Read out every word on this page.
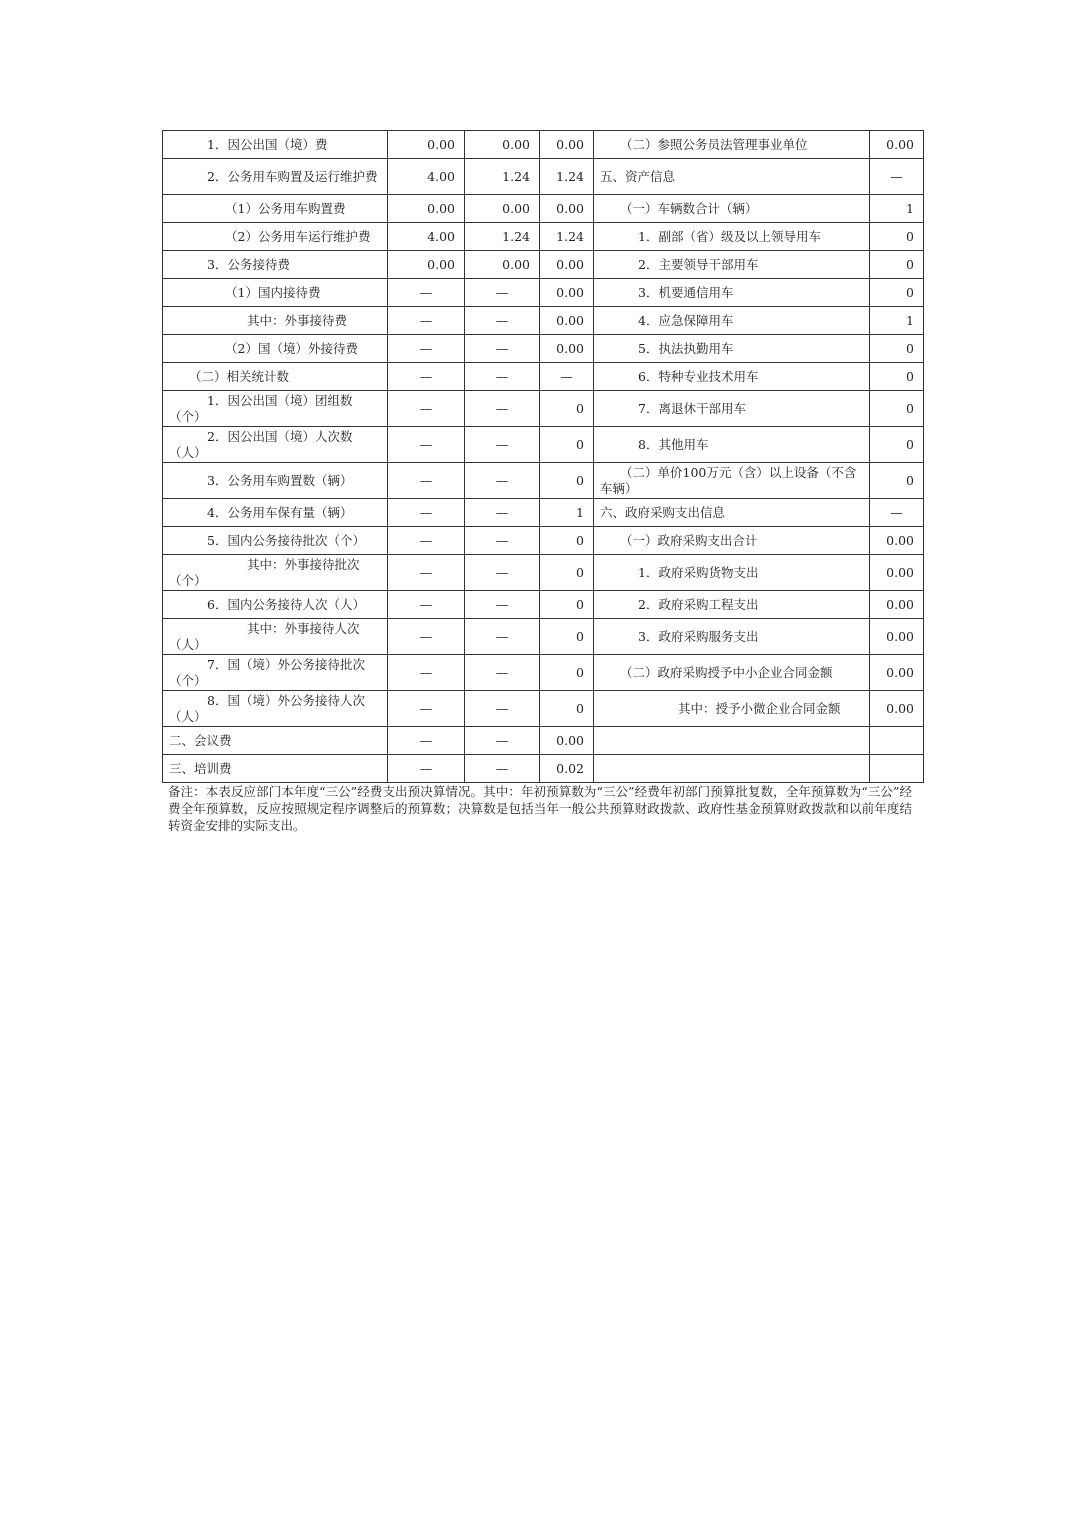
1．因公出国（境）费	0.00	0.00	0.00	（二）参照公务员法管理事业单位	0.00
2．公务用车购置及运行维护费	4.00	1.24	1.24	五、资产信息	—
（1）公务用车购置费	0.00	0.00	0.00	（一）车辆数合计（辆）	1
（2）公务用车运行维护费	4.00	1.24	1.24	1．副部（省）级及以上领导用车	0
3．公务接待费	0.00	0.00	0.00	2．主要领导干部用车	0
（1）国内接待费	—	—	0.00	3．机要通信用车	0
其中：外事接待费	—	—	0.00	4．应急保障用车	1
（2）国（境）外接待费	—	—	0.00	5．执法执勤用车	0
（二）相关统计数	—	—	—	6．特种专业技术用车	0
1．因公出国（境）团组数（个）	—	—	0	7．离退休干部用车	0
2．因公出国（境）人次数（人）	—	—	0	8．其他用车	0
3．公务用车购置数（辆）	—	—	0	（二）单价100万元（含）以上设备（不含车辆）	0
4．公务用车保有量（辆）	—	—	1	六、政府采购支出信息	—
5．国内公务接待批次（个）	—	—	0	（一）政府采购支出合计	0.00
其中：外事接待批次（个）	—	—	0	1．政府采购货物支出	0.00
6．国内公务接待人次（人）	—	—	0	2．政府采购工程支出	0.00
其中：外事接待人次（人）	—	—	0	3．政府采购服务支出	0.00
7．国（境）外公务接待批次（个）	—	—	0	（二）政府采购授予中小企业合同金额	0.00
8．国（境）外公务接待人次（人）	—	—	0	其中：授予小微企业合同金额	0.00
二、会议费	—	—	0.00		
三、培训费	—	—	0.02		
备注：本表反应部门本年度“三公”经费支出预决算情况。其中：年初预算数为“三公”经费年初部门预算批复数，全年预算数为“三公”经费全年预算数，反应按照规定程序调整后的预算数；决算数是包括当年一般公共预算财政拨款、政府性基金预算财政拨款和以前年度结转资金安排的实际支出。
